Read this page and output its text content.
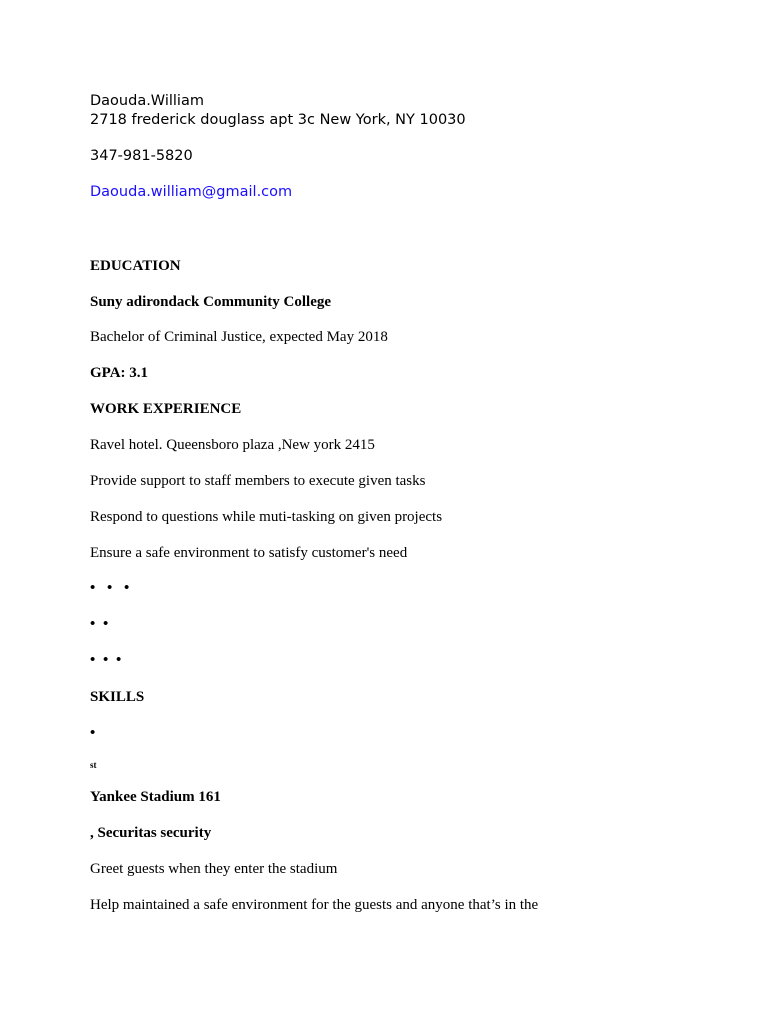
Daouda.William
2718 frederick douglass apt 3c New York, NY 10030
347-981-5820
Daouda.william@gmail.com
EDUCATION
Suny adirondack Community College
Bachelor of Criminal Justice, expected May 2018
GPA: 3.1
WORK EXPERIENCE
Ravel hotel. Queensboro plaza ,New york 2415
Provide support to staff members to execute given tasks
Respond to questions while muti-tasking on given projects
Ensure a safe environment to satisfy customer's need
• • •
• •
• • •
SKILLS
•
st
Yankee Stadium 161
, Securitas security
Greet guests when they enter the stadium
Help maintained a safe environment for the guests and anyone that’s in the
